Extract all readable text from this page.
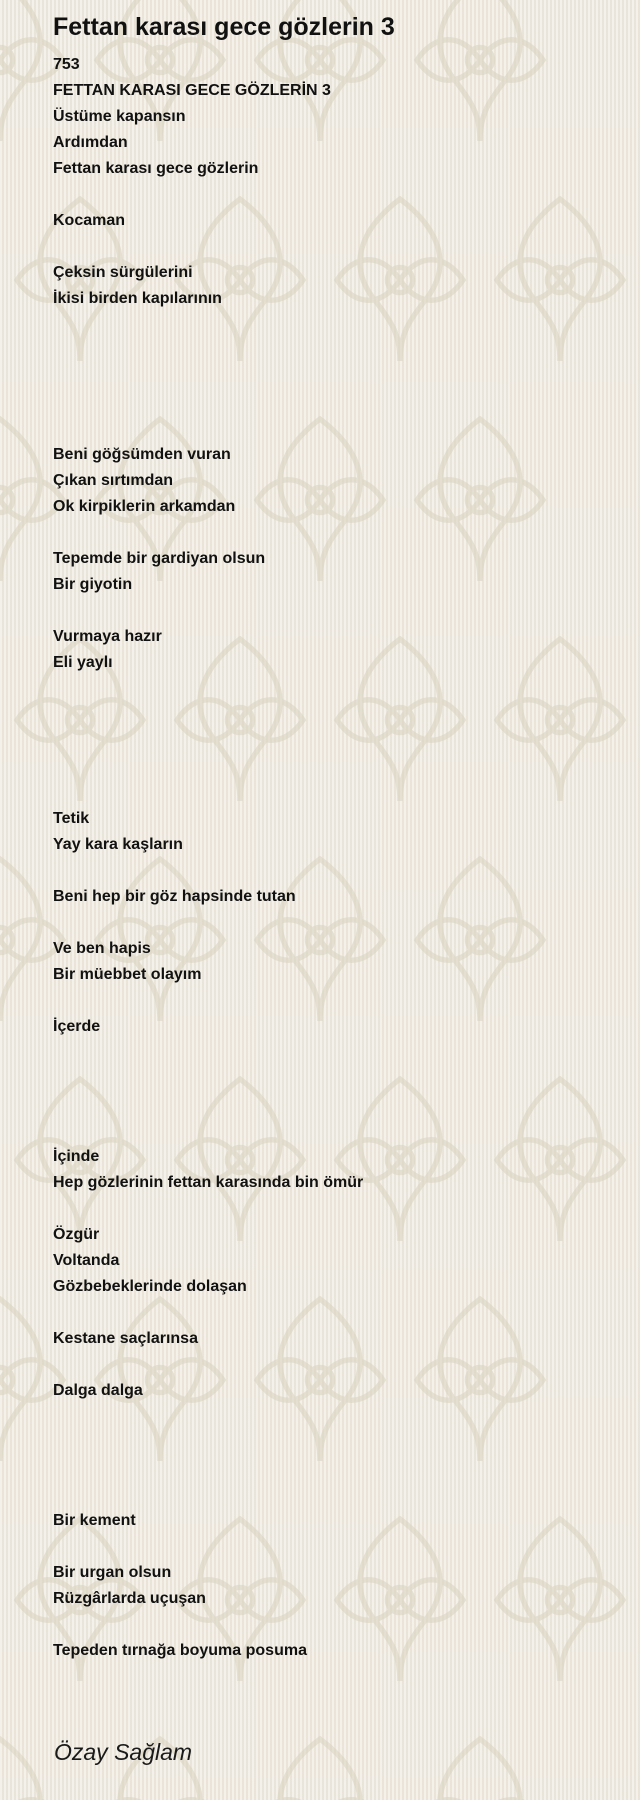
Fettan karası gece gözlerin 3
753
FETTAN KARASI GECE GÖZLERİN 3
Üstüme kapansın
Ardımdan
Fettan karası gece gözlerin
Kocaman
Çeksin sürgülerini
İkisi birden kapılarının
Beni göğsümden vuran
Çıkan sırtımdan
Ok kirpiklerin arkamdan
Tepemde bir gardiyan olsun
Bir giyotin
Vurmaya hazır
Eli yaylı
Tetik
Yay kara kaşların
Beni hep bir göz hapsinde tutan
Ve ben hapis
Bir müebbet olayım
İçerde
İçinde
Hep gözlerinin fettan karasında bin ömür
Özgür
Voltanda
Gözbebeklerinde dolaşan
Kestane saçlarınsa
Dalga dalga
Bir kement
Bir urgan olsun
Rüzgârlarda uçuşan
Tepeden tırnağa boyuma posuma
Özay Sağlam
